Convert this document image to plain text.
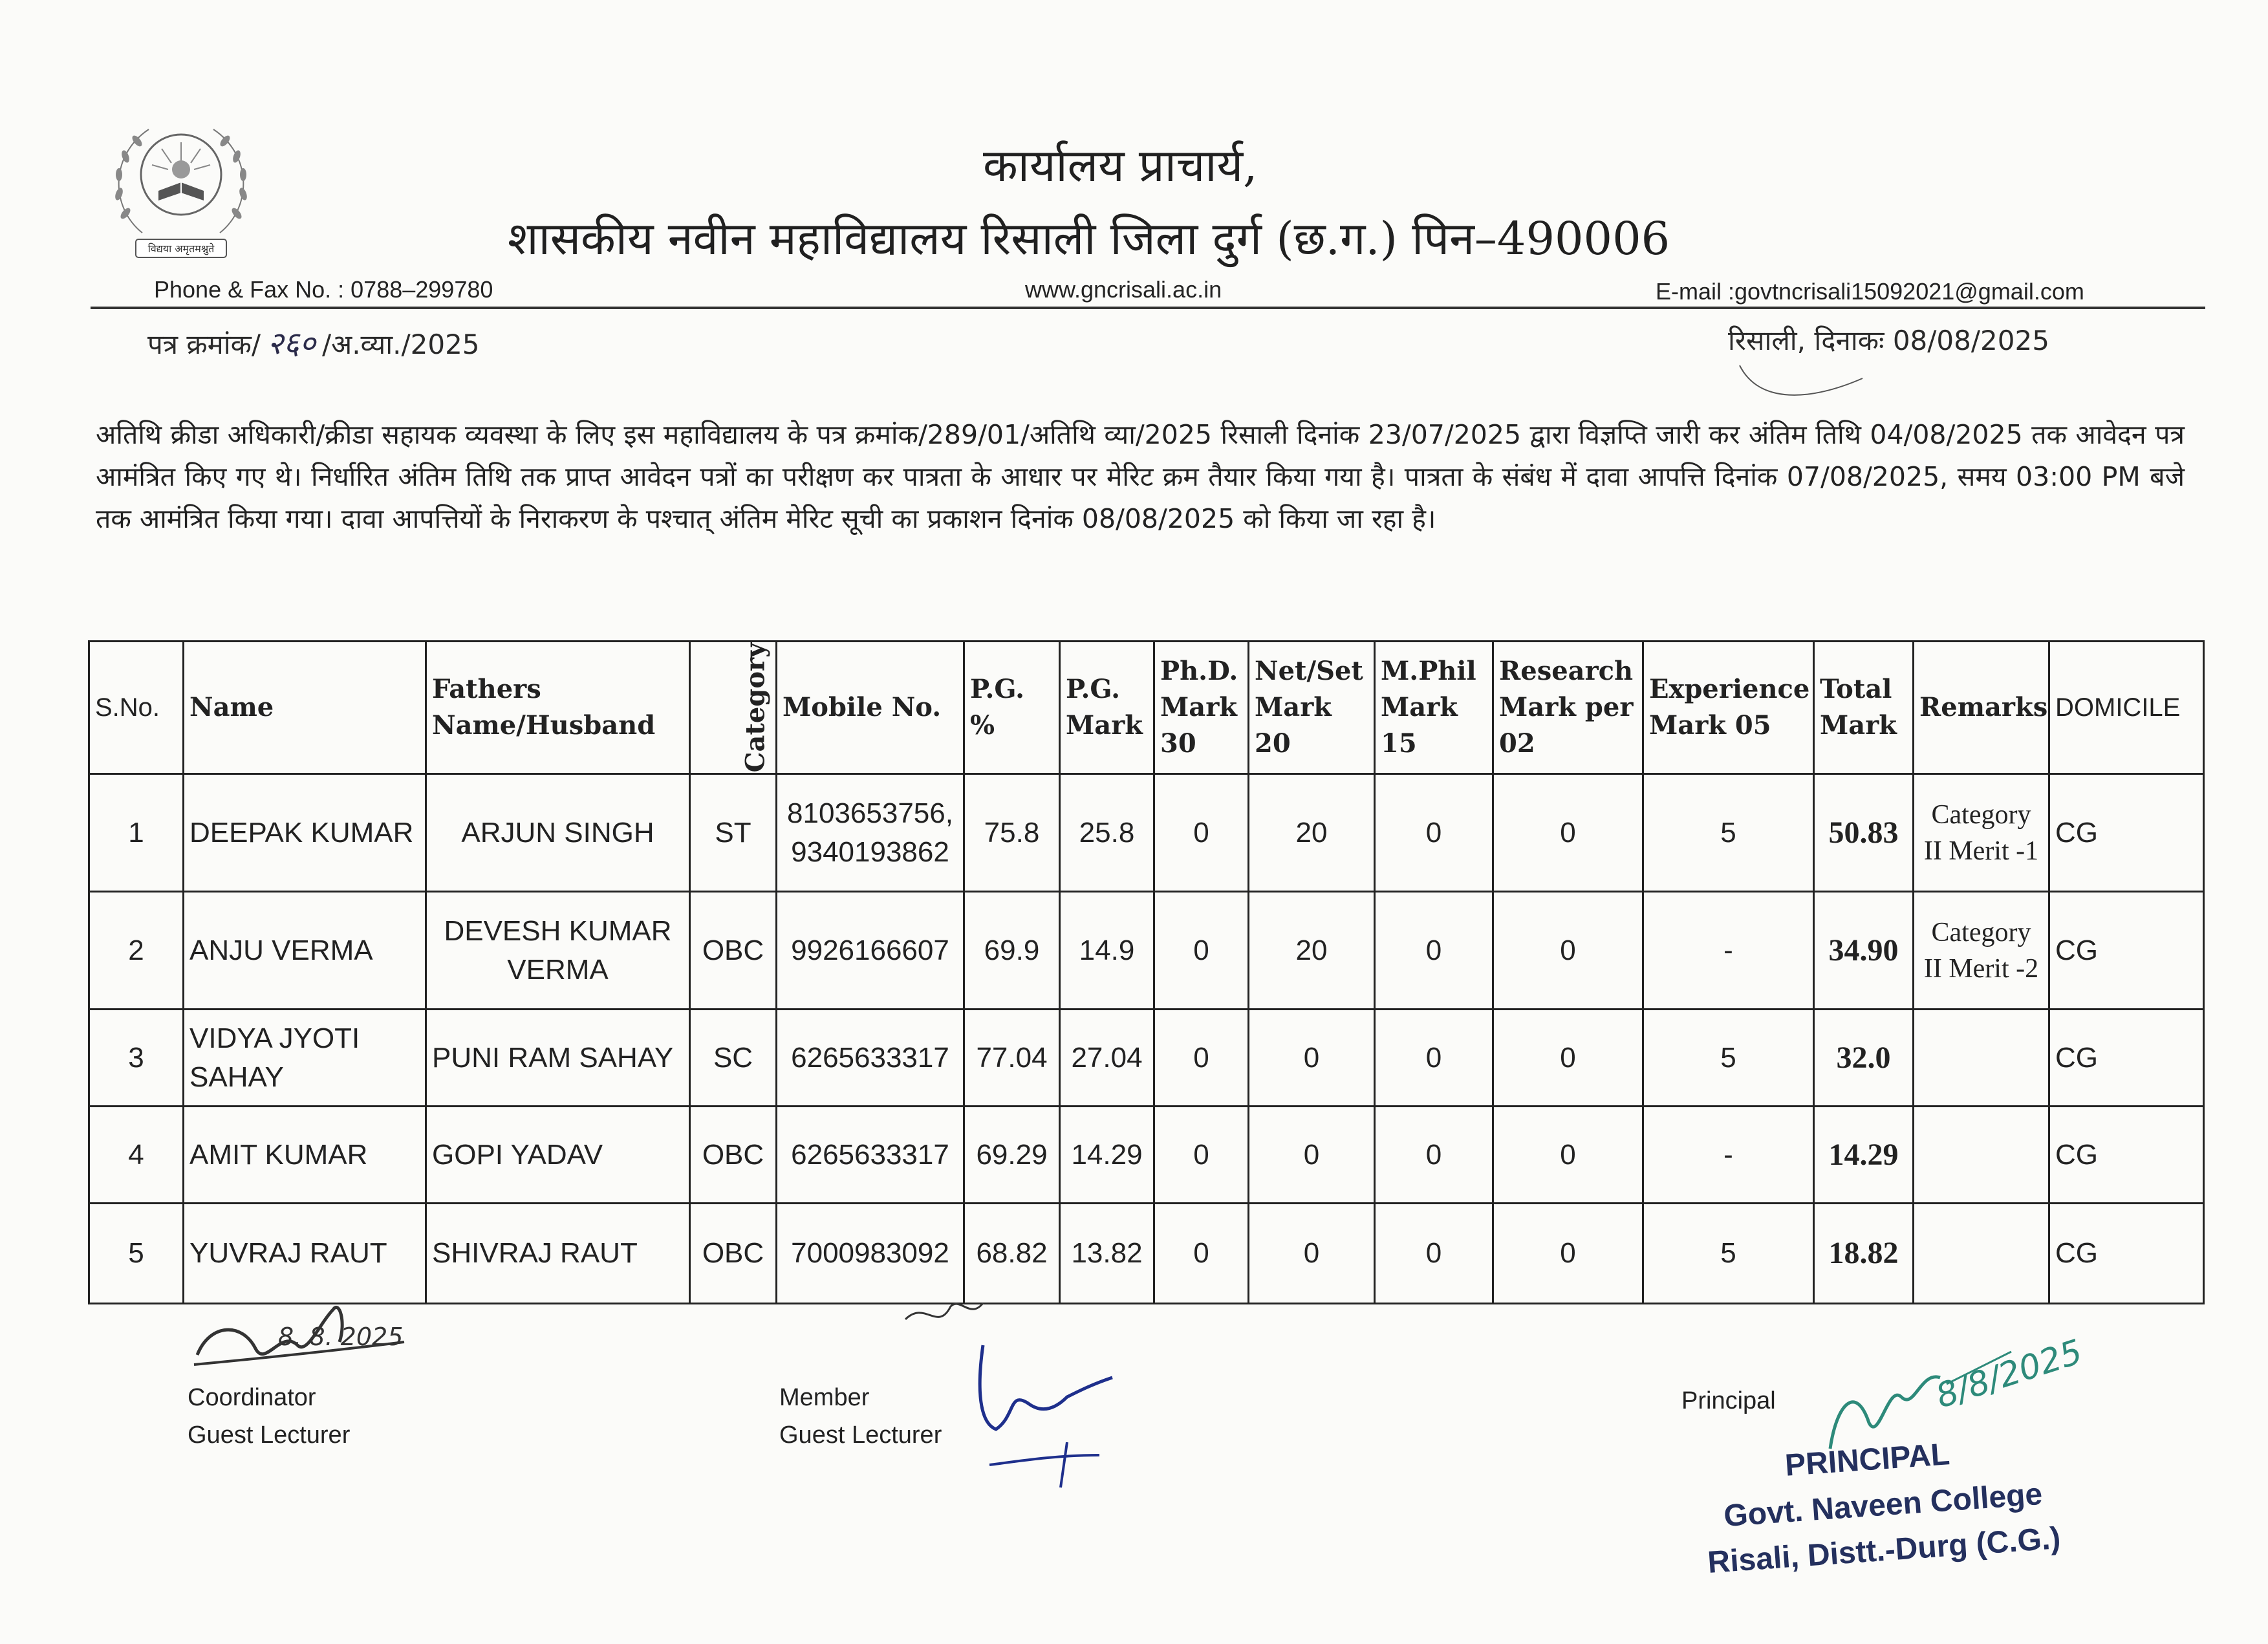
विद्यया अमृतमश्नुते
कार्यालय प्राचार्य,
शासकीय नवीन महाविद्यालय रिसाली जिला दुर्ग (छ.ग.) पिन–490006
Phone & Fax No. : 0788–299780	www.gncrisali.ac.in	E-mail :govtncrisali15092021@gmail.com
पत्र क्रमांक/ २६० /अ.व्या./2025	रिसाली, दिनाकः 08/08/2025
अतिथि क्रीडा अधिकारी/क्रीडा सहायक व्यवस्था के लिए इस महाविद्यालय के पत्र क्रमांक/289/01/अतिथि व्या/2025 रिसाली दिनांक 23/07/2025 द्वारा विज्ञप्ति जारी कर अंतिम तिथि 04/08/2025 तक आवेदन पत्र आमंत्रित किए गए थे। निर्धारित अंतिम तिथि तक प्राप्त आवेदन पत्रों का परीक्षण कर पात्रता के आधार पर मेरिट क्रम तैयार किया गया है। पात्रता के संबंध में दावा आपत्ति दिनांक 07/08/2025, समय 03:00 PM बजे तक आमंत्रित किया गया। दावा आपत्तियों के निराकरण के पश्चात् अंतिम मेरिट सूची का प्रकाशन दिनांक 08/08/2025 को किया जा रहा है।
S.No.	Name	Fathers Name/Husband	Category	Mobile No.	P.G. %	P.G. Mark	Ph.D. Mark 30	Net/Set Mark 20	M.Phil Mark 15	Research Mark per 02	Experience Mark 05	Total Mark	Remarks	DOMICILE
1	DEEPAK KUMAR	ARJUN SINGH	ST	8103653756, 9340193862	75.8	25.8	0	20	0	0	5	50.83	Category II Merit -1	CG
2	ANJU VERMA	DEVESH KUMAR VERMA	OBC	9926166607	69.9	14.9	0	20	0	0	-	34.90	Category II Merit -2	CG
3	VIDYA JYOTI SAHAY	PUNI RAM SAHAY	SC	6265633317	77.04	27.04	0	0	0	0	5	32.0		CG
4	AMIT KUMAR	GOPI YADAV	OBC	6265633317	69.29	14.29	0	0	0	0	-	14.29		CG
5	YUVRAJ RAUT	SHIVRAJ RAUT	OBC	7000983092	68.82	13.82	0	0	0	0	5	18.82		CG
8. 8. 2025
Coordinator
Guest Lecturer
Member
Guest Lecturer
Principal	8/8/2025
PRINCIPAL
Govt. Naveen College
Risali, Distt.-Durg (C.G.)
